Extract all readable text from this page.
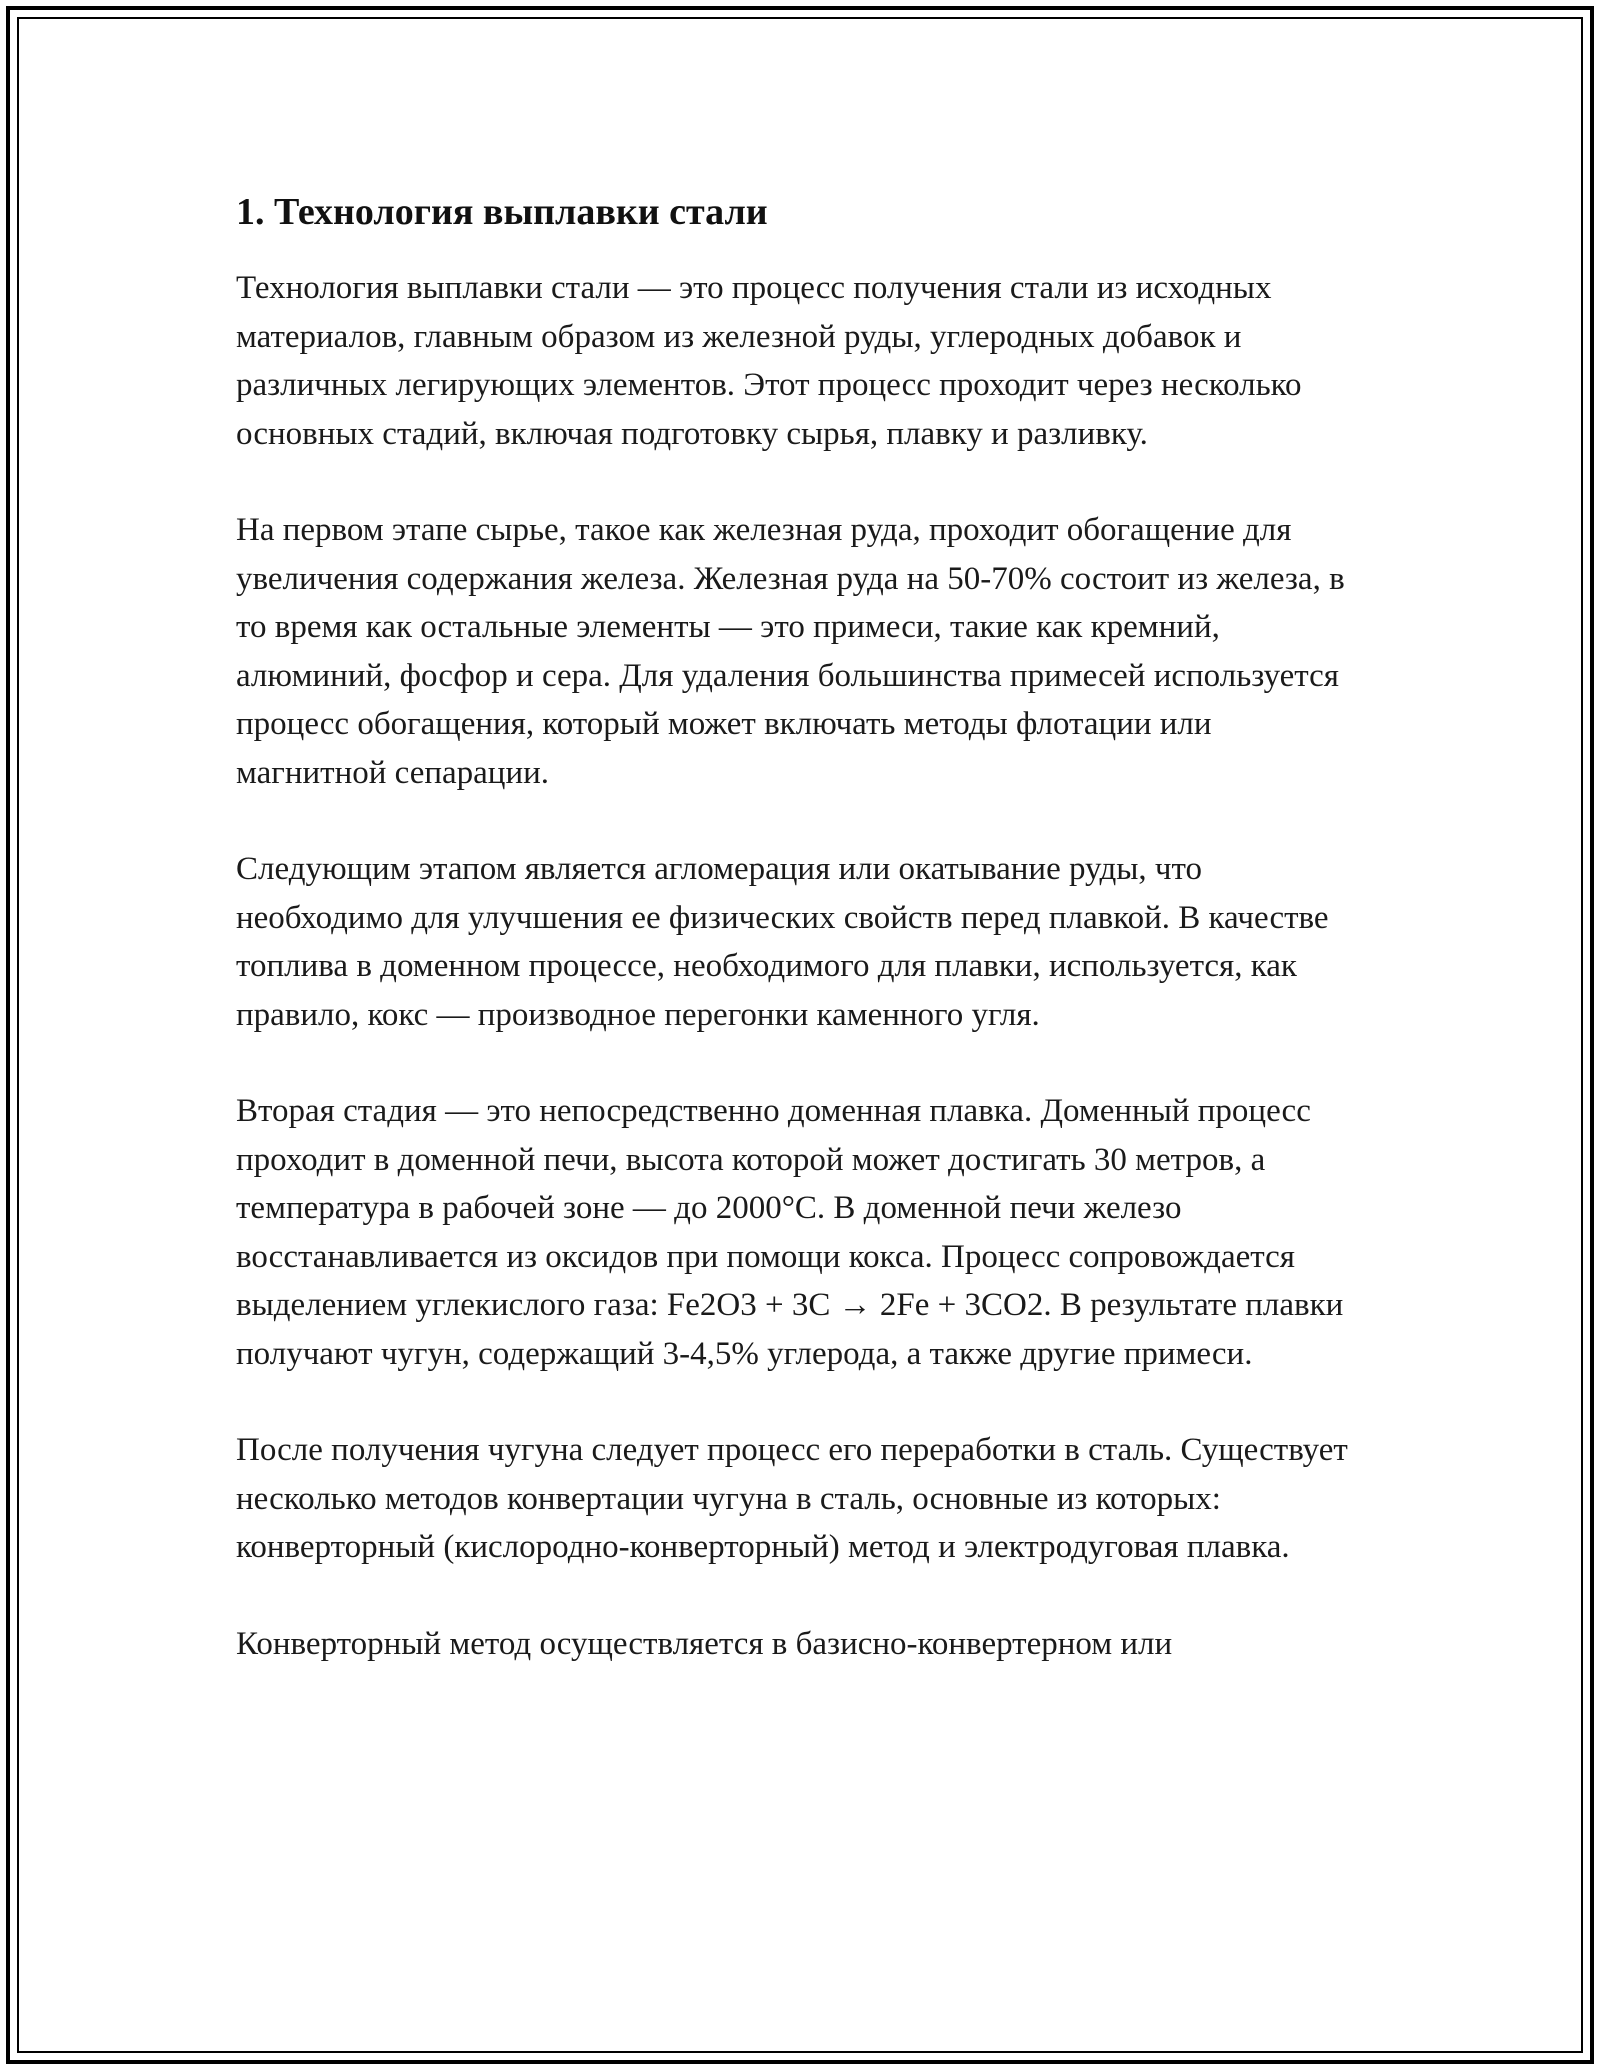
1. Технология выплавки стали

Технология выплавки стали — это процесс получения стали из исходных материалов, главным образом из железной руды, углеродных добавок и различных легирующих элементов. Этот процесс проходит через несколько основных стадий, включая подготовку сырья, плавку и разливку.

На первом этапе сырье, такое как железная руда, проходит обогащение для увеличения содержания железа. Железная руда на 50-70% состоит из железа, в то время как остальные элементы — это примеси, такие как кремний, алюминий, фосфор и сера. Для удаления большинства примесей используется процесс обогащения, который может включать методы флотации или магнитной сепарации.

Следующим этапом является агломерация или окатывание руды, что необходимо для улучшения ее физических свойств перед плавкой. В качестве топлива в доменном процессе, необходимого для плавки, используется, как правило, кокс — производное перегонки каменного угля.

Вторая стадия — это непосредственно доменная плавка. Доменный процесс проходит в доменной печи, высота которой может достигать 30 метров, а температура в рабочей зоне — до 2000°C. В доменной печи железо восстанавливается из оксидов при помощи кокса. Процесс сопровождается выделением углекислого газа: Fe2O3 + 3C → 2Fe + 3CO2. В результате плавки получают чугун, содержащий 3-4,5% углерода, а также другие примеси.

После получения чугуна следует процесс его переработки в сталь. Существует несколько методов конвертации чугуна в сталь, основные из которых: конверторный (кислородно-конверторный) метод и электродуговая плавка.

Конверторный метод осуществляется в базисно-конвертерном или
